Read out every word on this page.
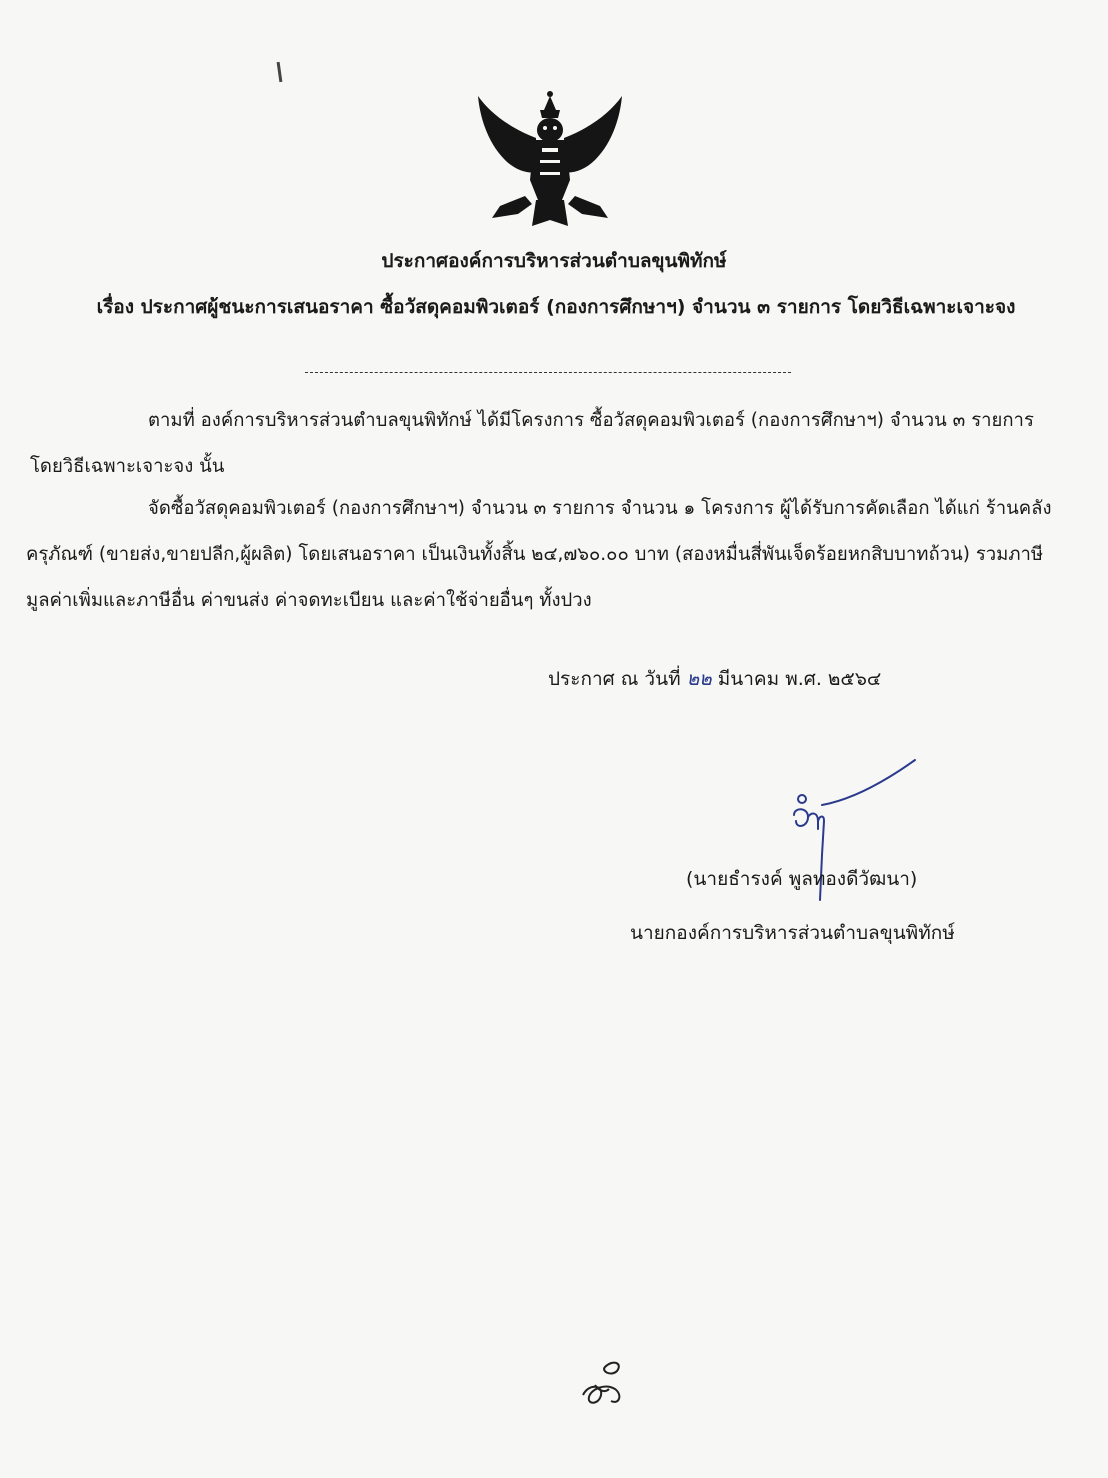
ประกาศองค์การบริหารส่วนตำบลขุนพิทักษ์
เรื่อง ประกาศผู้ชนะการเสนอราคา ซื้อวัสดุคอมพิวเตอร์ (กองการศึกษาฯ) จำนวน ๓ รายการ โดยวิธีเฉพาะเจาะจง
ตามที่ องค์การบริหารส่วนตำบลขุนพิทักษ์ ได้มีโครงการ ซื้อวัสดุคอมพิวเตอร์ (กองการศึกษาฯ) จำนวน ๓ รายการ โดยวิธีเฉพาะเจาะจง นั้น
จัดซื้อวัสดุคอมพิวเตอร์ (กองการศึกษาฯ) จำนวน ๓ รายการ จำนวน ๑ โครงการ ผู้ได้รับการคัดเลือก ได้แก่ ร้านคลังครุภัณฑ์ (ขายส่ง,ขายปลีก,ผู้ผลิต) โดยเสนอราคา เป็นเงินทั้งสิ้น ๒๔,๗๖๐.๐๐ บาท (สองหมื่นสี่พันเจ็ดร้อยหกสิบบาทถ้วน) รวมภาษีมูลค่าเพิ่มและภาษีอื่น ค่าขนส่ง ค่าจดทะเบียน และค่าใช้จ่ายอื่นๆ ทั้งปวง
ประกาศ ณ วันที่ ๒๒ มีนาคม พ.ศ. ๒๕๖๔
(นายธำรงค์ พูลทองดีวัฒนา)
นายกองค์การบริหารส่วนตำบลขุนพิทักษ์
